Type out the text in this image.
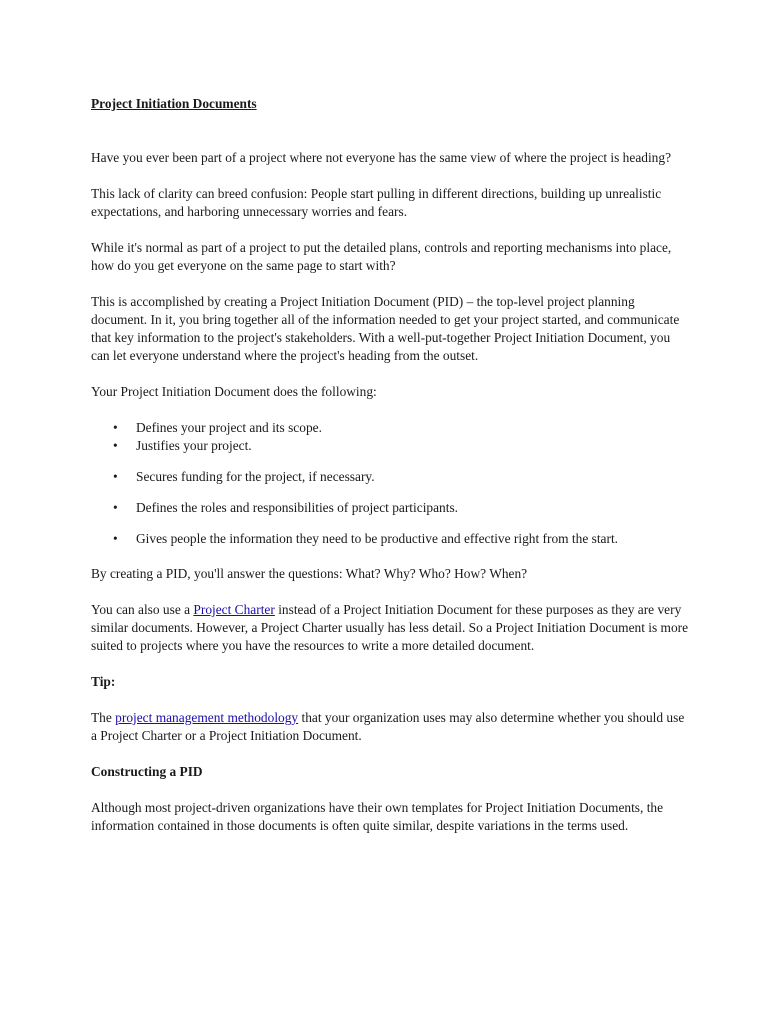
Project Initiation Documents

Have you ever been part of a project where not everyone has the same view of where the project is heading?

This lack of clarity can breed confusion: People start pulling in different directions, building up unrealistic expectations, and harboring unnecessary worries and fears.

While it's normal as part of a project to put the detailed plans, controls and reporting mechanisms into place, how do you get everyone on the same page to start with?

This is accomplished by creating a Project Initiation Document (PID) – the top-level project planning document. In it, you bring together all of the information needed to get your project started, and communicate that key information to the project's stakeholders. With a well-put-together Project Initiation Document, you can let everyone understand where the project's heading from the outset.

Your Project Initiation Document does the following:

• Defines your project and its scope.
• Justifies your project.
• Secures funding for the project, if necessary.
• Defines the roles and responsibilities of project participants.
• Gives people the information they need to be productive and effective right from the start.

By creating a PID, you'll answer the questions: What? Why? Who? How? When?

You can also use a Project Charter instead of a Project Initiation Document for these purposes as they are very similar documents. However, a Project Charter usually has less detail. So a Project Initiation Document is more suited to projects where you have the resources to write a more detailed document.

Tip:

The project management methodology that your organization uses may also determine whether you should use a Project Charter or a Project Initiation Document.

Constructing a PID

Although most project-driven organizations have their own templates for Project Initiation Documents, the information contained in those documents is often quite similar, despite variations in the terms used.
